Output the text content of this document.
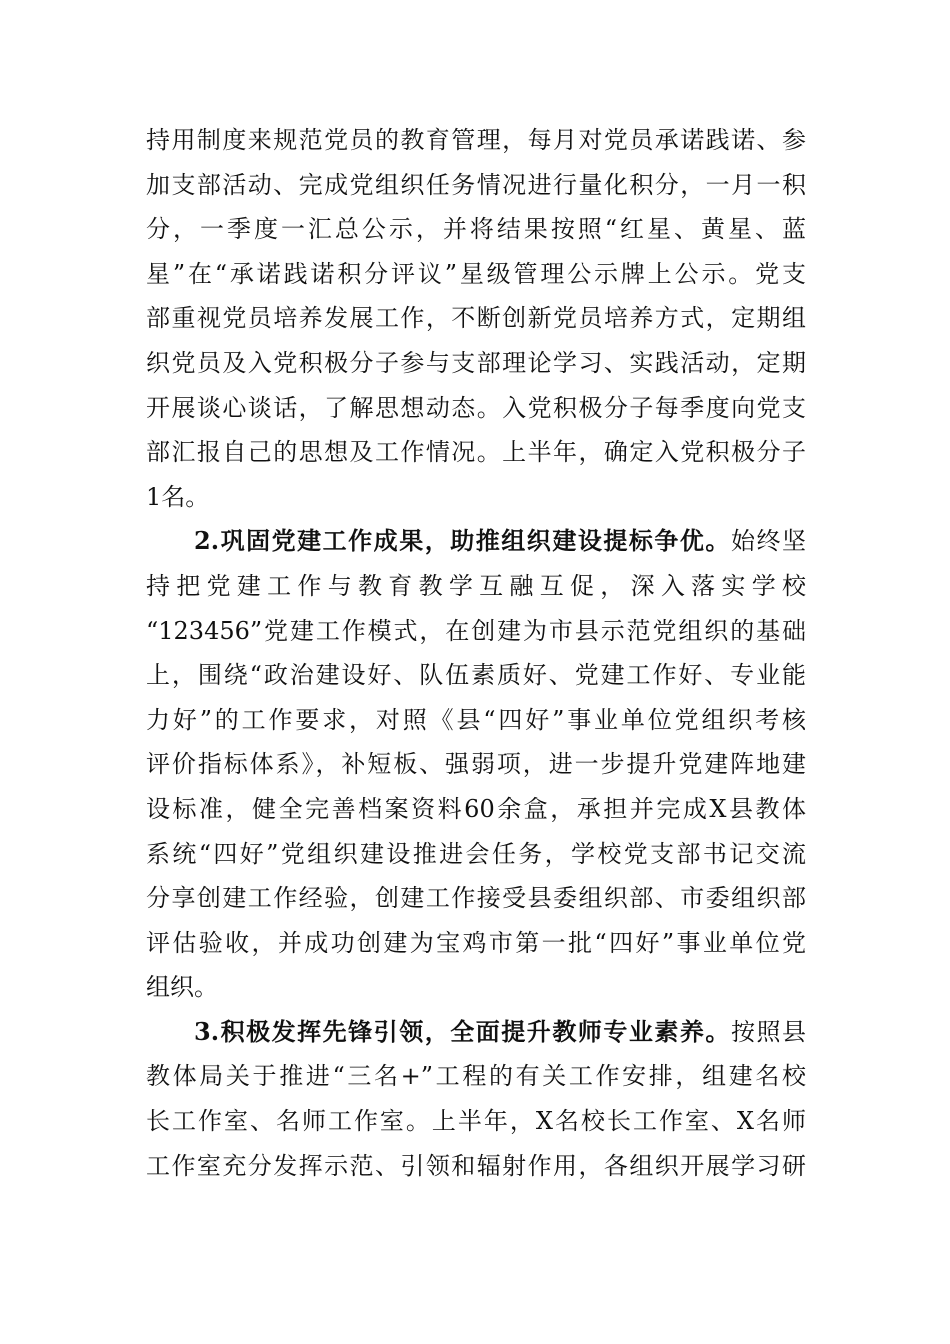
持用制度来规范党员的教育管理，每月对党员承诺践诺、参
加支部活动、完成党组织任务情况进行量化积分，一月一积
分，一季度一汇总公示，并将结果按照“红星、黄星、蓝
星”在“承诺践诺积分评议”星级管理公示牌上公示。党支
部重视党员培养发展工作，不断创新党员培养方式，定期组
织党员及入党积极分子参与支部理论学习、实践活动，定期
开展谈心谈话，了解思想动态。入党积极分子每季度向党支
部汇报自己的思想及工作情况。上半年，确定入党积极分子
1名。

2.巩固党建工作成果，助推组织建设提标争优。始终坚
持把党建工作与教育教学互融互促，深入落实学校
“123456”党建工作模式，在创建为市县示范党组织的基础
上，围绕“政治建设好、队伍素质好、党建工作好、专业能
力好”的工作要求，对照《县“四好”事业单位党组织考核
评价指标体系》，补短板、强弱项，进一步提升党建阵地建
设标准，健全完善档案资料60余盒，承担并完成X县教体
系统“四好”党组织建设推进会任务，学校党支部书记交流
分享创建工作经验，创建工作接受县委组织部、市委组织部
评估验收，并成功创建为宝鸡市第一批“四好”事业单位党
组织。

3.积极发挥先锋引领，全面提升教师专业素养。按照县
教体局关于推进“三名+”工程的有关工作安排，组建名校
长工作室、名师工作室。上半年，X名校长工作室、X名师
工作室充分发挥示范、引领和辐射作用，各组织开展学习研
